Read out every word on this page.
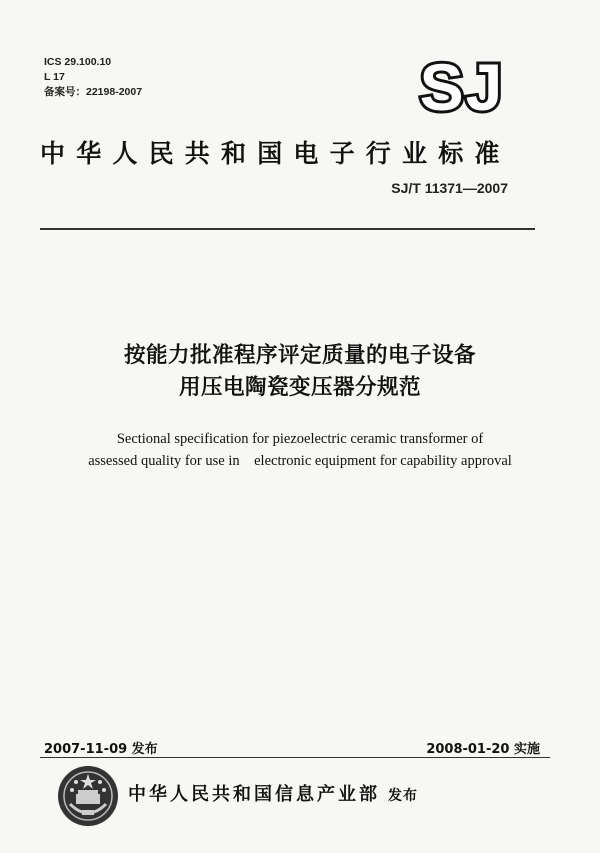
ICS 29.100.10
L 17
备案号：22198-2007	SJ
中华人民共和国电子行业标准
SJ/T 11371—2007
按能力批准程序评定质量的电子设备
用压电陶瓷变压器分规范
Sectional specification for piezoelectric ceramic transformer of
assessed quality for use in    electronic equipment for capability approval
2007-11-09 发布	2008-01-20 实施
中华人民共和国信息产业部 发布
